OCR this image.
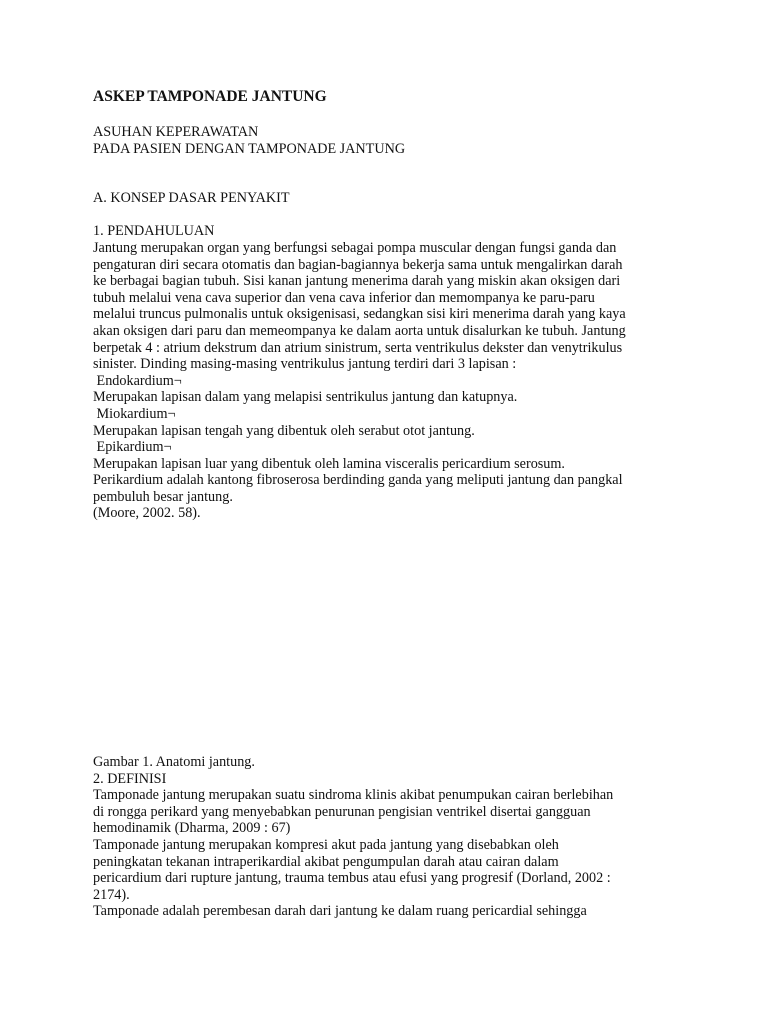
ASKEP TAMPONADE JANTUNG
ASUHAN KEPERAWATAN
PADA PASIEN DENGAN TAMPONADE JANTUNG
A. KONSEP DASAR PENYAKIT
1. PENDAHULUAN
Jantung merupakan organ yang berfungsi sebagai pompa muscular dengan fungsi ganda dan
pengaturan diri secara otomatis dan bagian-bagiannya bekerja sama untuk mengalirkan darah
ke berbagai bagian tubuh. Sisi kanan jantung menerima darah yang miskin akan oksigen dari
tubuh melalui vena cava superior dan vena cava inferior dan memompanya ke paru-paru
melalui truncus pulmonalis untuk oksigenisasi, sedangkan sisi kiri menerima darah yang kaya
akan oksigen dari paru dan memeompanya ke dalam aorta untuk disalurkan ke tubuh. Jantung
berpetak 4 : atrium dekstrum dan atrium sinistrum, serta ventrikulus dekster dan venytrikulus
sinister. Dinding masing-masing ventrikulus jantung terdiri dari 3 lapisan :
Endokardium¬
Merupakan lapisan dalam yang melapisi sentrikulus jantung dan katupnya.
Miokardium¬
Merupakan lapisan tengah yang dibentuk oleh serabut otot jantung.
Epikardium¬
Merupakan lapisan luar yang dibentuk oleh lamina visceralis pericardium serosum.
Perikardium adalah kantong fibroserosa berdinding ganda yang meliputi jantung dan pangkal
pembuluh besar jantung.
(Moore, 2002. 58).
Gambar 1. Anatomi jantung.
2. DEFINISI
Tamponade jantung merupakan suatu sindroma klinis akibat penumpukan cairan berlebihan
di rongga perikard yang menyebabkan penurunan pengisian ventrikel disertai gangguan
hemodinamik (Dharma, 2009 : 67)
Tamponade jantung merupakan kompresi akut pada jantung yang disebabkan oleh
peningkatan tekanan intraperikardial akibat pengumpulan darah atau cairan dalam
pericardium dari rupture jantung, trauma tembus atau efusi yang progresif (Dorland, 2002 :
2174).
Tamponade adalah perembesan darah dari jantung ke dalam ruang pericardial sehingga
